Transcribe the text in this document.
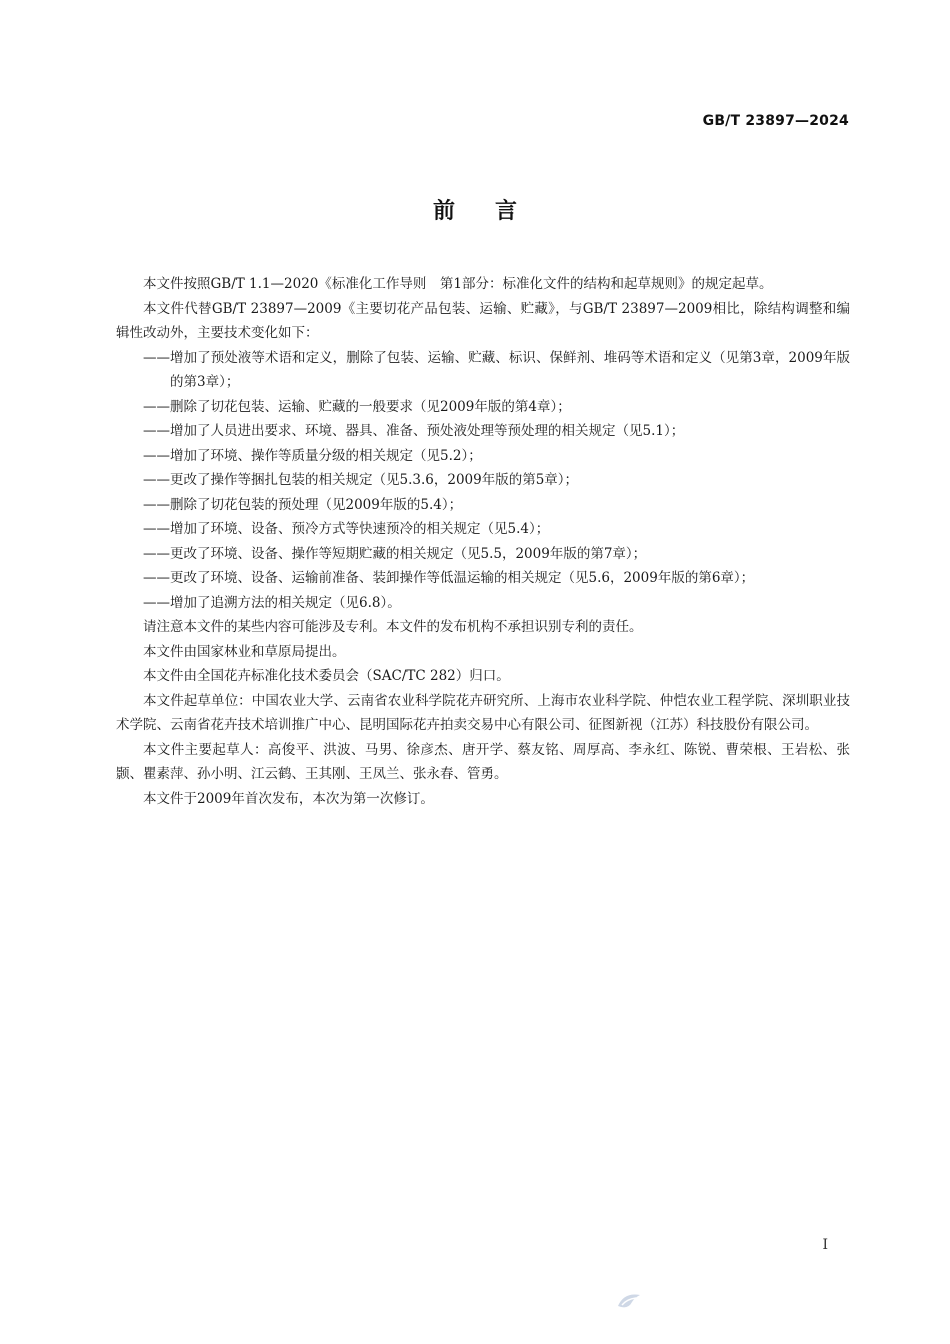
GB/T 23897—2024
前言

本文件按照GB/T 1.1—2020《标准化工作导则　第1部分：标准化文件的结构和起草规则》的规定起草。

本文件代替GB/T 23897—2009《主要切花产品包装、运输、贮藏》，与GB/T 23897—2009相比，除结构调整和编辑性改动外，主要技术变化如下：

——增加了预处液等术语和定义，删除了包装、运输、贮藏、标识、保鲜剂、堆码等术语和定义（见第3章，2009年版的第3章）；

——删除了切花包装、运输、贮藏的一般要求（见2009年版的第4章）；

——增加了人员进出要求、环境、器具、准备、预处液处理等预处理的相关规定（见5.1）；

——增加了环境、操作等质量分级的相关规定（见5.2）；

——更改了操作等捆扎包装的相关规定（见5.3.6，2009年版的第5章）；

——删除了切花包装的预处理（见2009年版的5.4）；

——增加了环境、设备、预冷方式等快速预冷的相关规定（见5.4）；

——更改了环境、设备、操作等短期贮藏的相关规定（见5.5，2009年版的第7章）；

——更改了环境、设备、运输前准备、装卸操作等低温运输的相关规定（见5.6，2009年版的第6章）；

——增加了追溯方法的相关规定（见6.8）。

请注意本文件的某些内容可能涉及专利。本文件的发布机构不承担识别专利的责任。

本文件由国家林业和草原局提出。

本文件由全国花卉标准化技术委员会（SAC/TC 282）归口。

本文件起草单位：中国农业大学、云南省农业科学院花卉研究所、上海市农业科学院、仲恺农业工程学院、深圳职业技术学院、云南省花卉技术培训推广中心、昆明国际花卉拍卖交易中心有限公司、征图新视（江苏）科技股份有限公司。

本文件主要起草人：高俊平、洪波、马男、徐彦杰、唐开学、蔡友铭、周厚高、李永红、陈锐、曹荣根、王岩松、张颢、瞿素萍、孙小明、江云鹤、王其刚、王凤兰、张永春、管勇。

本文件于2009年首次发布，本次为第一次修订。

I
